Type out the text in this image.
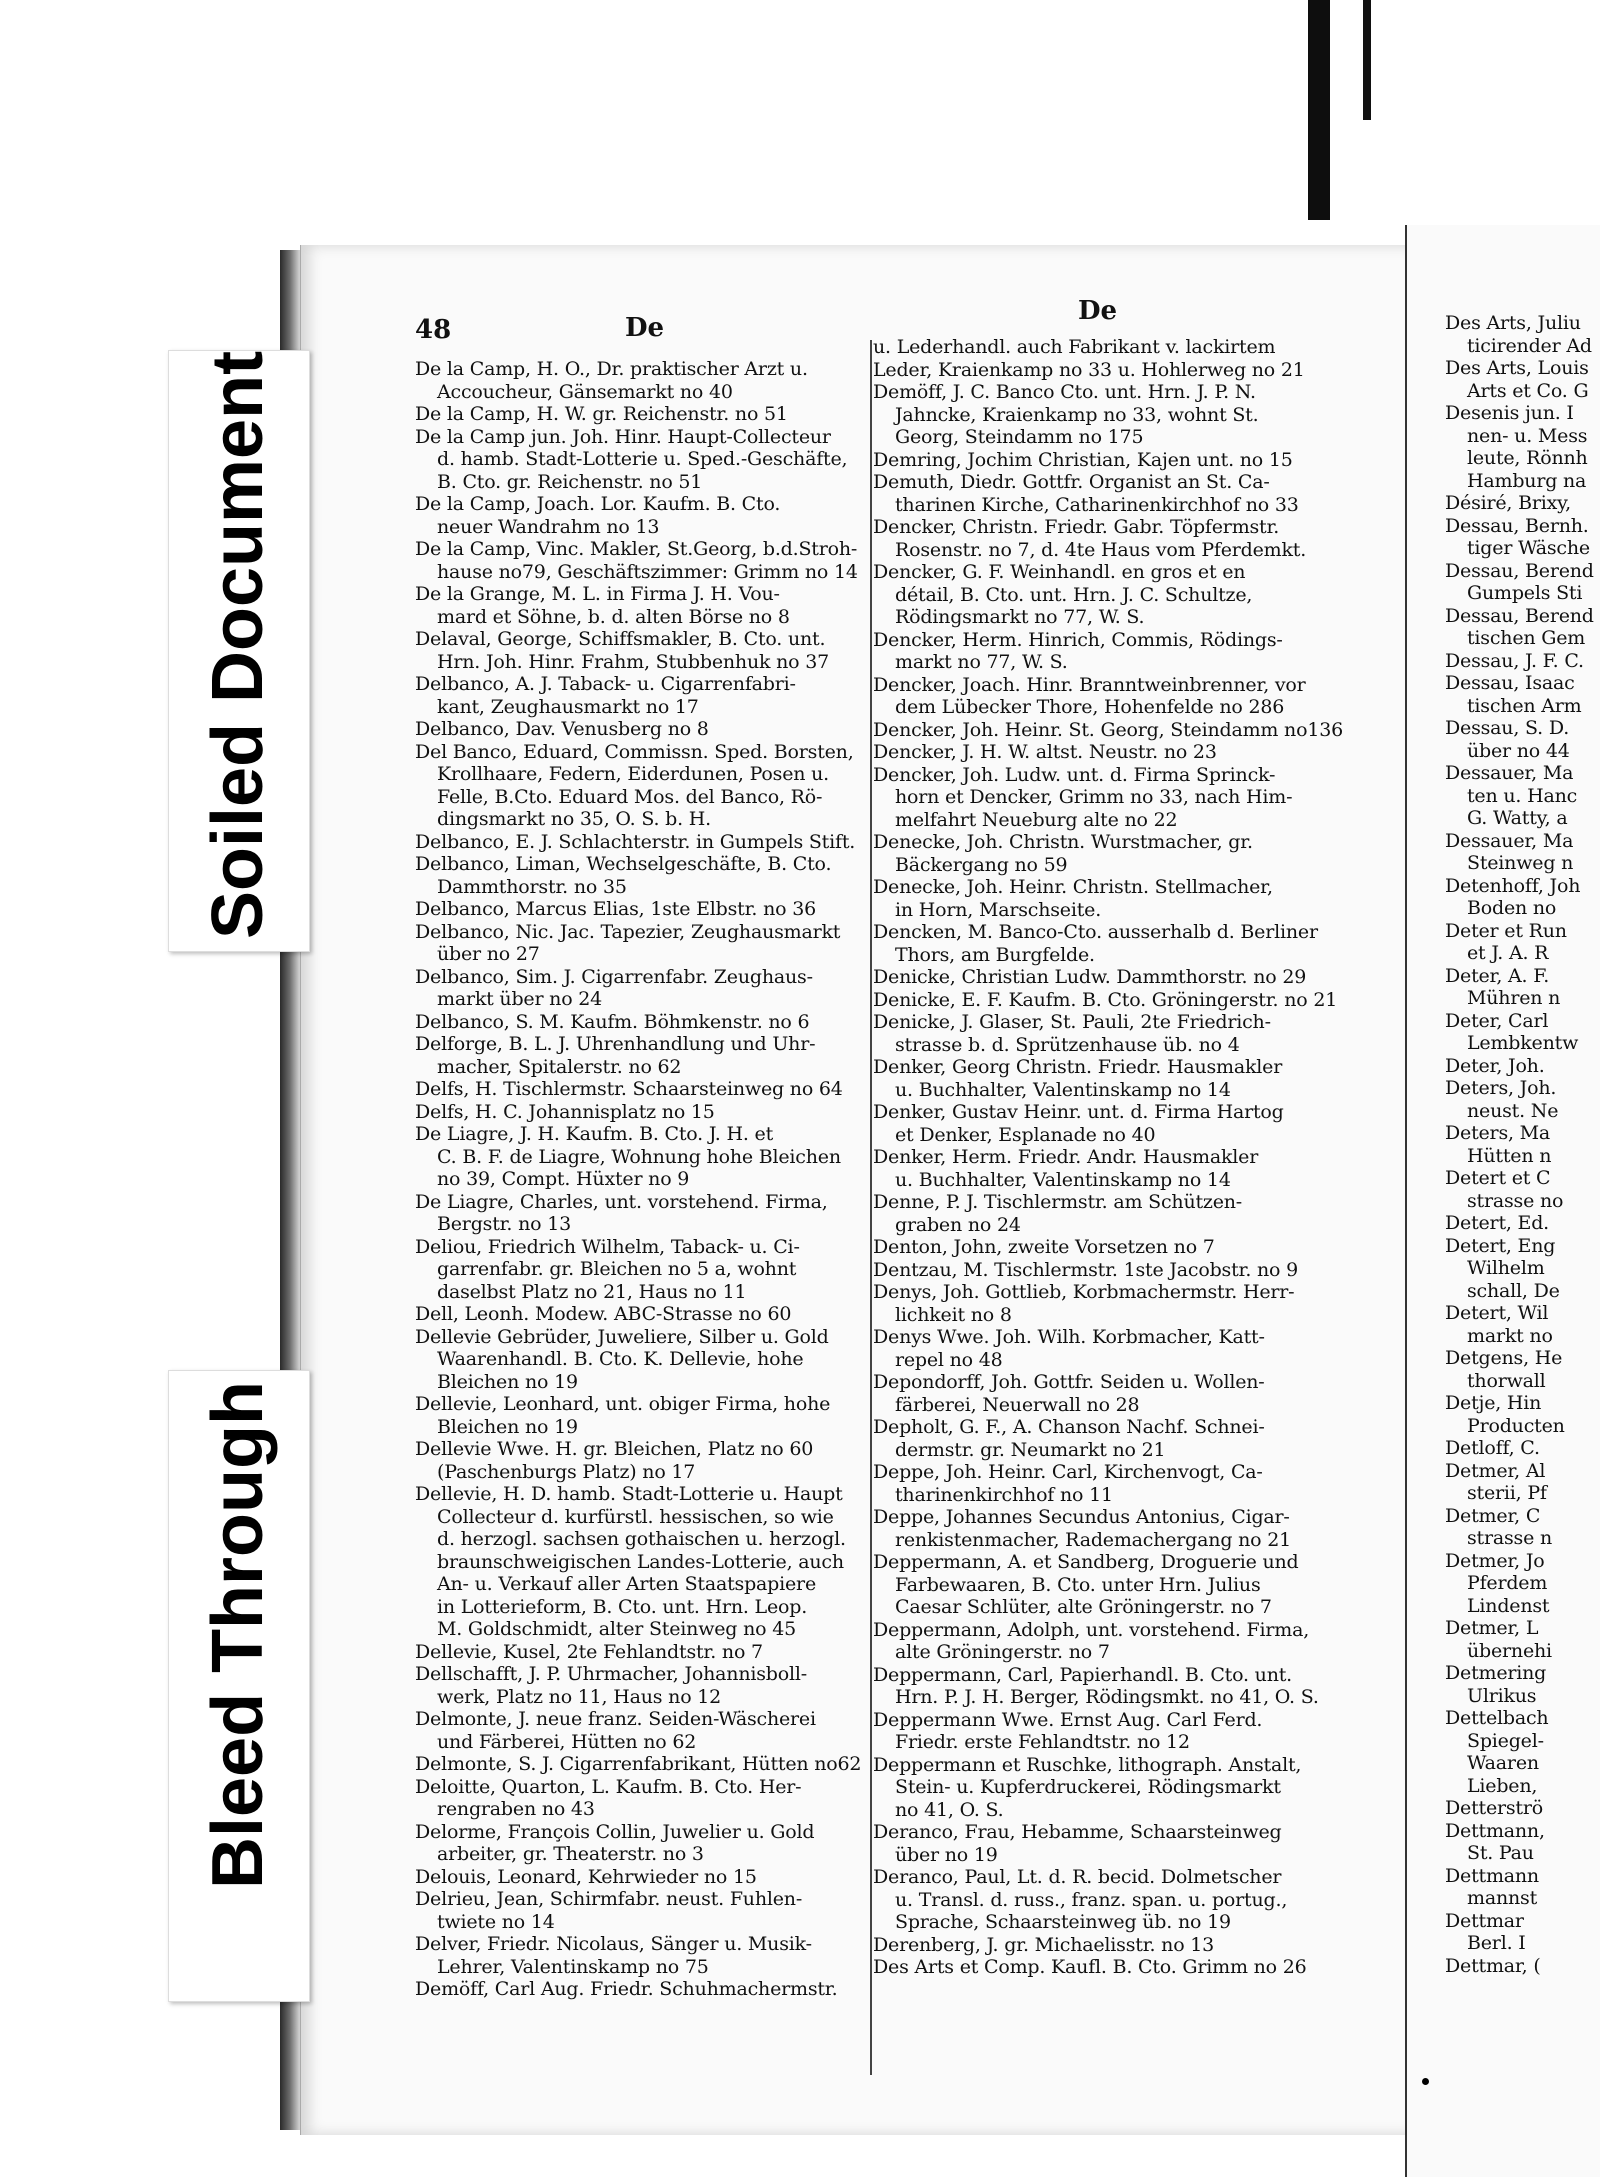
48	De
De
De la Camp, H. O., Dr. praktischer Arzt u.
Accoucheur, Gänsemarkt no 40
De la Camp, H. W. gr. Reichenstr. no 51
De la Camp jun. Joh. Hinr. Haupt-Collecteur
d. hamb. Stadt-Lotterie u. Sped.-Geschäfte,
B. Cto. gr. Reichenstr. no 51
De la Camp, Joach. Lor. Kaufm. B. Cto.
neuer Wandrahm no 13
De la Camp, Vinc. Makler, St.Georg, b.d.Stroh-
hause no79, Geschäftszimmer: Grimm no 14
De la Grange, M. L. in Firma J. H. Vou-
mard et Söhne, b. d. alten Börse no 8
Delaval, George, Schiffsmakler, B. Cto. unt.
Hrn. Joh. Hinr. Frahm, Stubbenhuk no 37
Delbanco, A. J. Taback- u. Cigarrenfabri-
kant, Zeughausmarkt no 17
Delbanco, Dav. Venusberg no 8
Del Banco, Eduard, Commissn. Sped. Borsten,
Krollhaare, Federn, Eiderdunen, Posen u.
Felle, B.Cto. Eduard Mos. del Banco, Rö-
dingsmarkt no 35, O. S. b. H.
Delbanco, E. J. Schlachterstr. in Gumpels Stift.
Delbanco, Liman, Wechselgeschäfte, B. Cto.
Dammthorstr. no 35
Delbanco, Marcus Elias, 1ste Elbstr. no 36
Delbanco, Nic. Jac. Tapezier, Zeughausmarkt
über no 27
Delbanco, Sim. J. Cigarrenfabr. Zeughaus-
markt über no 24
Delbanco, S. M. Kaufm. Böhmkenstr. no 6
Delforge, B. L. J. Uhrenhandlung und Uhr-
macher, Spitalerstr. no 62
Delfs, H. Tischlermstr. Schaarsteinweg no 64
Delfs, H. C. Johannisplatz no 15
De Liagre, J. H. Kaufm. B. Cto. J. H. et
C. B. F. de Liagre, Wohnung hohe Bleichen
no 39, Compt. Hüxter no 9
De Liagre, Charles, unt. vorstehend. Firma,
Bergstr. no 13
Deliou, Friedrich Wilhelm, Taback- u. Ci-
garrenfabr. gr. Bleichen no 5 a, wohnt
daselbst Platz no 21, Haus no 11
Dell, Leonh. Modew. ABC-Strasse no 60
Dellevie Gebrüder, Juweliere, Silber u. Gold
Waarenhandl. B. Cto. K. Dellevie, hohe
Bleichen no 19
Dellevie, Leonhard, unt. obiger Firma, hohe
Bleichen no 19
Dellevie Wwe. H. gr. Bleichen, Platz no 60
(Paschenburgs Platz) no 17
Dellevie, H. D. hamb. Stadt-Lotterie u. Haupt
Collecteur d. kurfürstl. hessischen, so wie
d. herzogl. sachsen gothaischen u. herzogl.
braunschweigischen Landes-Lotterie, auch
An- u. Verkauf aller Arten Staatspapiere
in Lotterieform, B. Cto. unt. Hrn. Leop.
M. Goldschmidt, alter Steinweg no 45
Dellevie, Kusel, 2te Fehlandtstr. no 7
Dellschafft, J. P. Uhrmacher, Johannisboll-
werk, Platz no 11, Haus no 12
Delmonte, J. neue franz. Seiden-Wäscherei
und Färberei, Hütten no 62
Delmonte, S. J. Cigarrenfabrikant, Hütten no62
Deloitte, Quarton, L. Kaufm. B. Cto. Her-
rengraben no 43
Delorme, François Collin, Juwelier u. Gold
arbeiter, gr. Theaterstr. no 3
Delouis, Leonard, Kehrwieder no 15
Delrieu, Jean, Schirmfabr. neust. Fuhlen-
twiete no 14
Delver, Friedr. Nicolaus, Sänger u. Musik-
Lehrer, Valentinskamp no 75
Demöff, Carl Aug. Friedr. Schuhmachermstr.
u. Lederhandl. auch Fabrikant v. lackirtem
Leder, Kraienkamp no 33 u. Hohlerweg no 21
Demöff, J. C. Banco Cto. unt. Hrn. J. P. N.
Jahncke, Kraienkamp no 33, wohnt St.
Georg, Steindamm no 175
Demring, Jochim Christian, Kajen unt. no 15
Demuth, Diedr. Gottfr. Organist an St. Ca-
tharinen Kirche, Catharinenkirchhof no 33
Dencker, Christn. Friedr. Gabr. Töpfermstr.
Rosenstr. no 7, d. 4te Haus vom Pferdemkt.
Dencker, G. F. Weinhandl. en gros et en
détail, B. Cto. unt. Hrn. J. C. Schultze,
Rödingsmarkt no 77, W. S.
Dencker, Herm. Hinrich, Commis, Rödings-
markt no 77, W. S.
Dencker, Joach. Hinr. Branntweinbrenner, vor
dem Lübecker Thore, Hohenfelde no 286
Dencker, Joh. Heinr. St. Georg, Steindamm no136
Dencker, J. H. W. altst. Neustr. no 23
Dencker, Joh. Ludw. unt. d. Firma Sprinck-
horn et Dencker, Grimm no 33, nach Him-
melfahrt Neueburg alte no 22
Denecke, Joh. Christn. Wurstmacher, gr.
Bäckergang no 59
Denecke, Joh. Heinr. Christn. Stellmacher,
in Horn, Marschseite.
Dencken, M. Banco-Cto. ausserhalb d. Berliner
Thors, am Burgfelde.
Denicke, Christian Ludw. Dammthorstr. no 29
Denicke, E. F. Kaufm. B. Cto. Gröningerstr. no 21
Denicke, J. Glaser, St. Pauli, 2te Friedrich-
strasse b. d. Sprützenhause üb. no 4
Denker, Georg Christn. Friedr. Hausmakler
u. Buchhalter, Valentinskamp no 14
Denker, Gustav Heinr. unt. d. Firma Hartog
et Denker, Esplanade no 40
Denker, Herm. Friedr. Andr. Hausmakler
u. Buchhalter, Valentinskamp no 14
Denne, P. J. Tischlermstr. am Schützen-
graben no 24
Denton, John, zweite Vorsetzen no 7
Dentzau, M. Tischlermstr. 1ste Jacobstr. no 9
Denys, Joh. Gottlieb, Korbmachermstr. Herr-
lichkeit no 8
Denys Wwe. Joh. Wilh. Korbmacher, Katt-
repel no 48
Depondorff, Joh. Gottfr. Seiden u. Wollen-
färberei, Neuerwall no 28
Depholt, G. F., A. Chanson Nachf. Schnei-
dermstr. gr. Neumarkt no 21
Deppe, Joh. Heinr. Carl, Kirchenvogt, Ca-
tharinenkirchhof no 11
Deppe, Johannes Secundus Antonius, Cigar-
renkistenmacher, Rademachergang no 21
Deppermann, A. et Sandberg, Droguerie und
Farbewaaren, B. Cto. unter Hrn. Julius
Caesar Schlüter, alte Gröningerstr. no 7
Deppermann, Adolph, unt. vorstehend. Firma,
alte Gröningerstr. no 7
Deppermann, Carl, Papierhandl. B. Cto. unt.
Hrn. P. J. H. Berger, Rödingsmkt. no 41, O. S.
Deppermann Wwe. Ernst Aug. Carl Ferd.
Friedr. erste Fehlandtstr. no 12
Deppermann et Ruschke, lithograph. Anstalt,
Stein- u. Kupferdruckerei, Rödingsmarkt
no 41, O. S.
Deranco, Frau, Hebamme, Schaarsteinweg
über no 19
Deranco, Paul, Lt. d. R. becid. Dolmetscher
u. Transl. d. russ., franz. span. u. portug.,
Sprache, Schaarsteinweg üb. no 19
Derenberg, J. gr. Michaelisstr. no 13
Des Arts et Comp. Kaufl. B. Cto. Grimm no 26
Des Arts, Juliu
ticirender Ad
Des Arts, Louis
Arts et Co. G
Desenis jun. I
nen- u. Mess
leute, Rönnh
Hamburg na
Désiré, Brixy,
Dessau, Bernh.
tiger Wäsche
Dessau, Berend
Gumpels Sti
Dessau, Berend
tischen Gem
Dessau, J. F. C.
Dessau, Isaac
tischen Arm
Dessau, S. D.
über no 44
Dessauer, Ma
ten u. Hanc
G. Watty, a
Dessauer, Ma
Steinweg n
Detenhoff, Joh
Boden no
Deter et Run
et J. A. R
Deter, A. F.
Mühren n
Deter, Carl
Lembkentw
Deter, Joh.
Deters, Joh.
neust. Ne
Deters, Ma
Hütten n
Detert et C
strasse no
Detert, Ed.
Detert, Eng
Wilhelm
schall, De
Detert, Wil
markt no
Detgens, He
thorwall
Detje, Hin
Producten
Detloff, C.
Detmer, Al
sterii, Pf
Detmer, C
strasse n
Detmer, Jo
Pferdem
Lindenst
Detmer, L
übernehi
Detmering
Ulrikus
Dettelbach
Spiegel-
Waaren
Lieben,
Detterströ
Dettmann,
St. Pau
Dettmann
mannst
Dettmar
Berl. I
Dettmar, (
Soiled Document
Bleed Through
